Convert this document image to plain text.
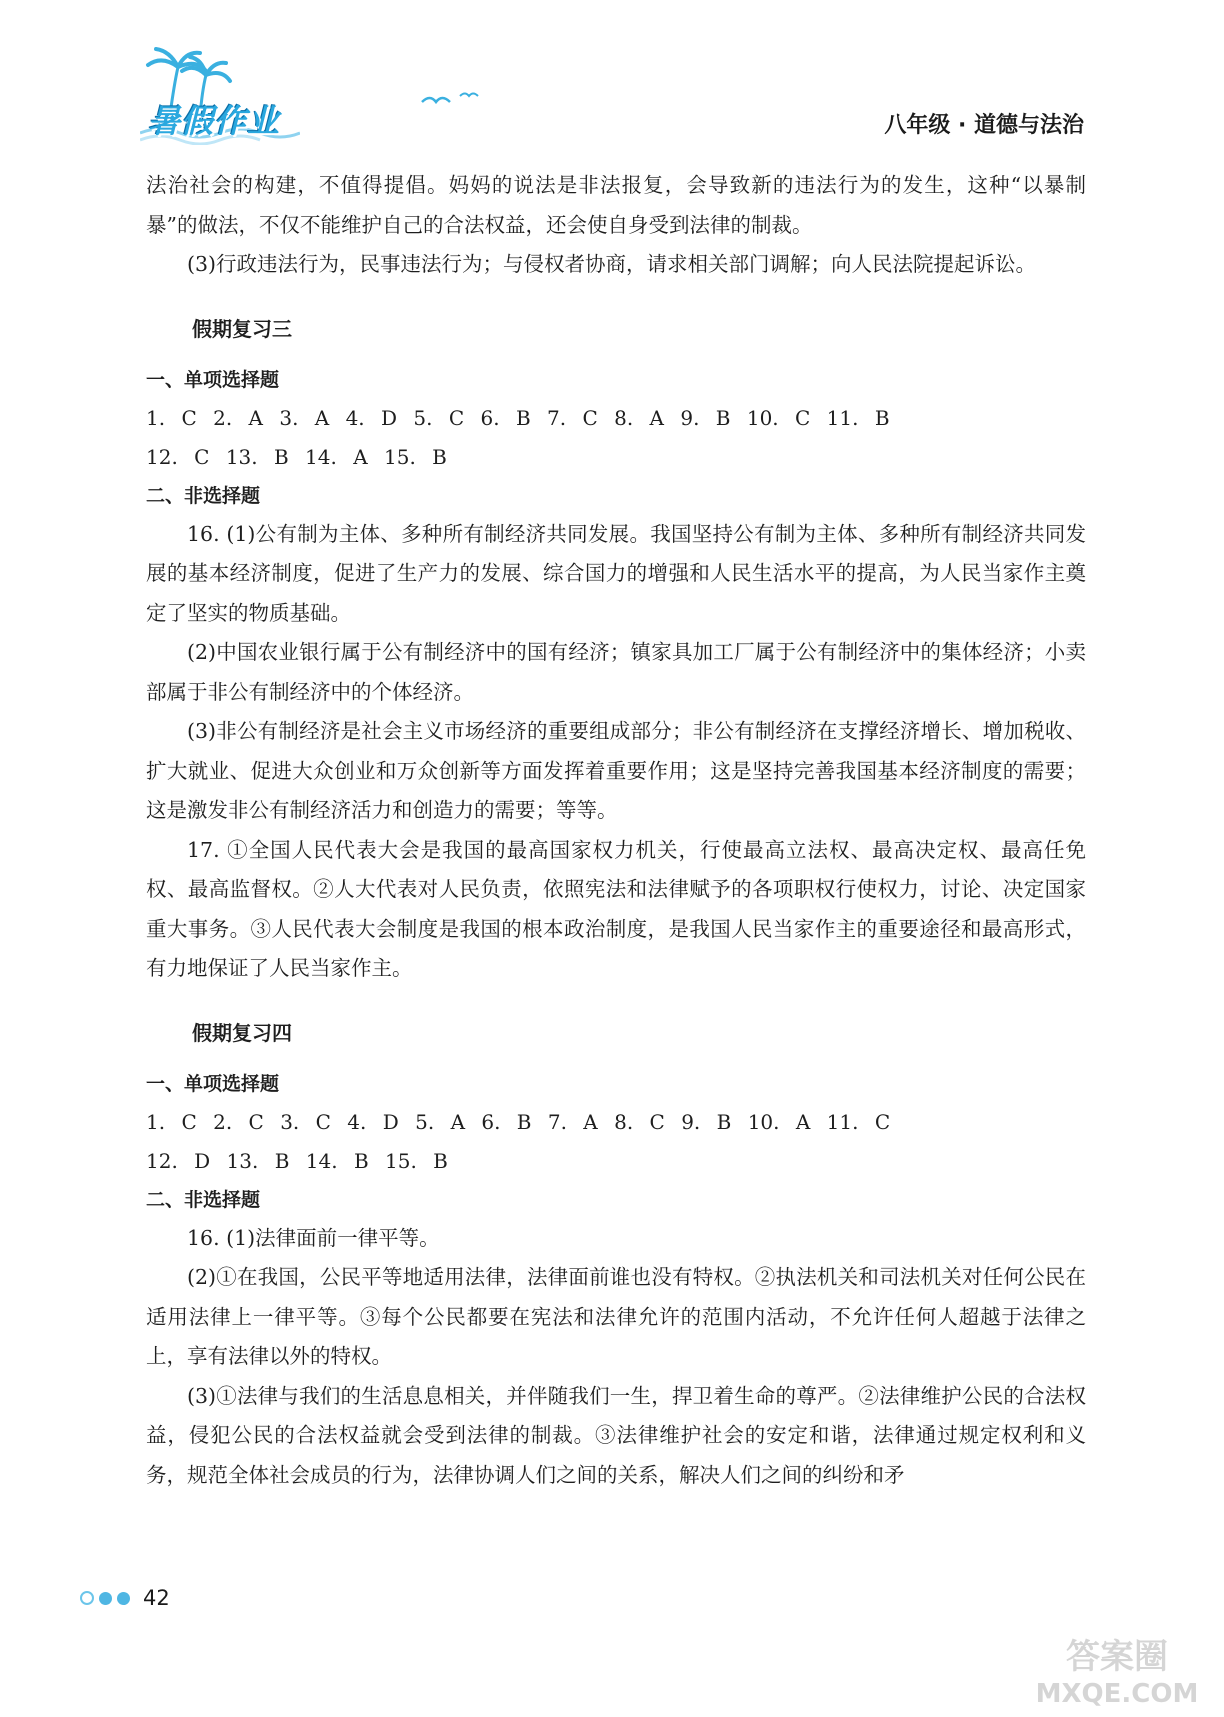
暑假作业	八年级 · 道德与法治

法治社会的构建，不值得提倡。妈妈的说法是非法报复，会导致新的违法行为的发生，这种“以暴制暴”的做法，不仅不能维护自己的合法权益，还会使自身受到法律的制裁。

(3)行政违法行为，民事违法行为；与侵权者协商，请求相关部门调解；向人民法院提起诉讼。

假期复习三
一、单项选择题

1. C 2. A 3. A 4. D 5. C 6. B 7. C 8. A 9. B 10. C 11. B

12. C 13. B 14. A 15. B

二、非选择题

16. (1)公有制为主体、多种所有制经济共同发展。我国坚持公有制为主体、多种所有制经济共同发展的基本经济制度，促进了生产力的发展、综合国力的增强和人民生活水平的提高，为人民当家作主奠定了坚实的物质基础。

(2)中国农业银行属于公有制经济中的国有经济；镇家具加工厂属于公有制经济中的集体经济；小卖部属于非公有制经济中的个体经济。

(3)非公有制经济是社会主义市场经济的重要组成部分；非公有制经济在支撑经济增长、增加税收、扩大就业、促进大众创业和万众创新等方面发挥着重要作用；这是坚持完善我国基本经济制度的需要；这是激发非公有制经济活力和创造力的需要；等等。

17. ①全国人民代表大会是我国的最高国家权力机关，行使最高立法权、最高决定权、最高任免权、最高监督权。②人大代表对人民负责，依照宪法和法律赋予的各项职权行使权力，讨论、决定国家重大事务。③人民代表大会制度是我国的根本政治制度，是我国人民当家作主的重要途径和最高形式，有力地保证了人民当家作主。

假期复习四
一、单项选择题

1. C 2. C 3. C 4. D 5. A 6. B 7. A 8. C 9. B 10. A 11. C

12. D 13. B 14. B 15. B

二、非选择题

16. (1)法律面前一律平等。

(2)①在我国，公民平等地适用法律，法律面前谁也没有特权。②执法机关和司法机关对任何公民在适用法律上一律平等。③每个公民都要在宪法和法律允许的范围内活动，不允许任何人超越于法律之上，享有法律以外的特权。

(3)①法律与我们的生活息息相关，并伴随我们一生，捍卫着生命的尊严。②法律维护公民的合法权益，侵犯公民的合法权益就会受到法律的制裁。③法律维护社会的安定和谐，法律通过规定权利和义务，规范全体社会成员的行为，法律协调人们之间的关系，解决人们之间的纠纷和矛

42
答案圈
MXQE.COM
